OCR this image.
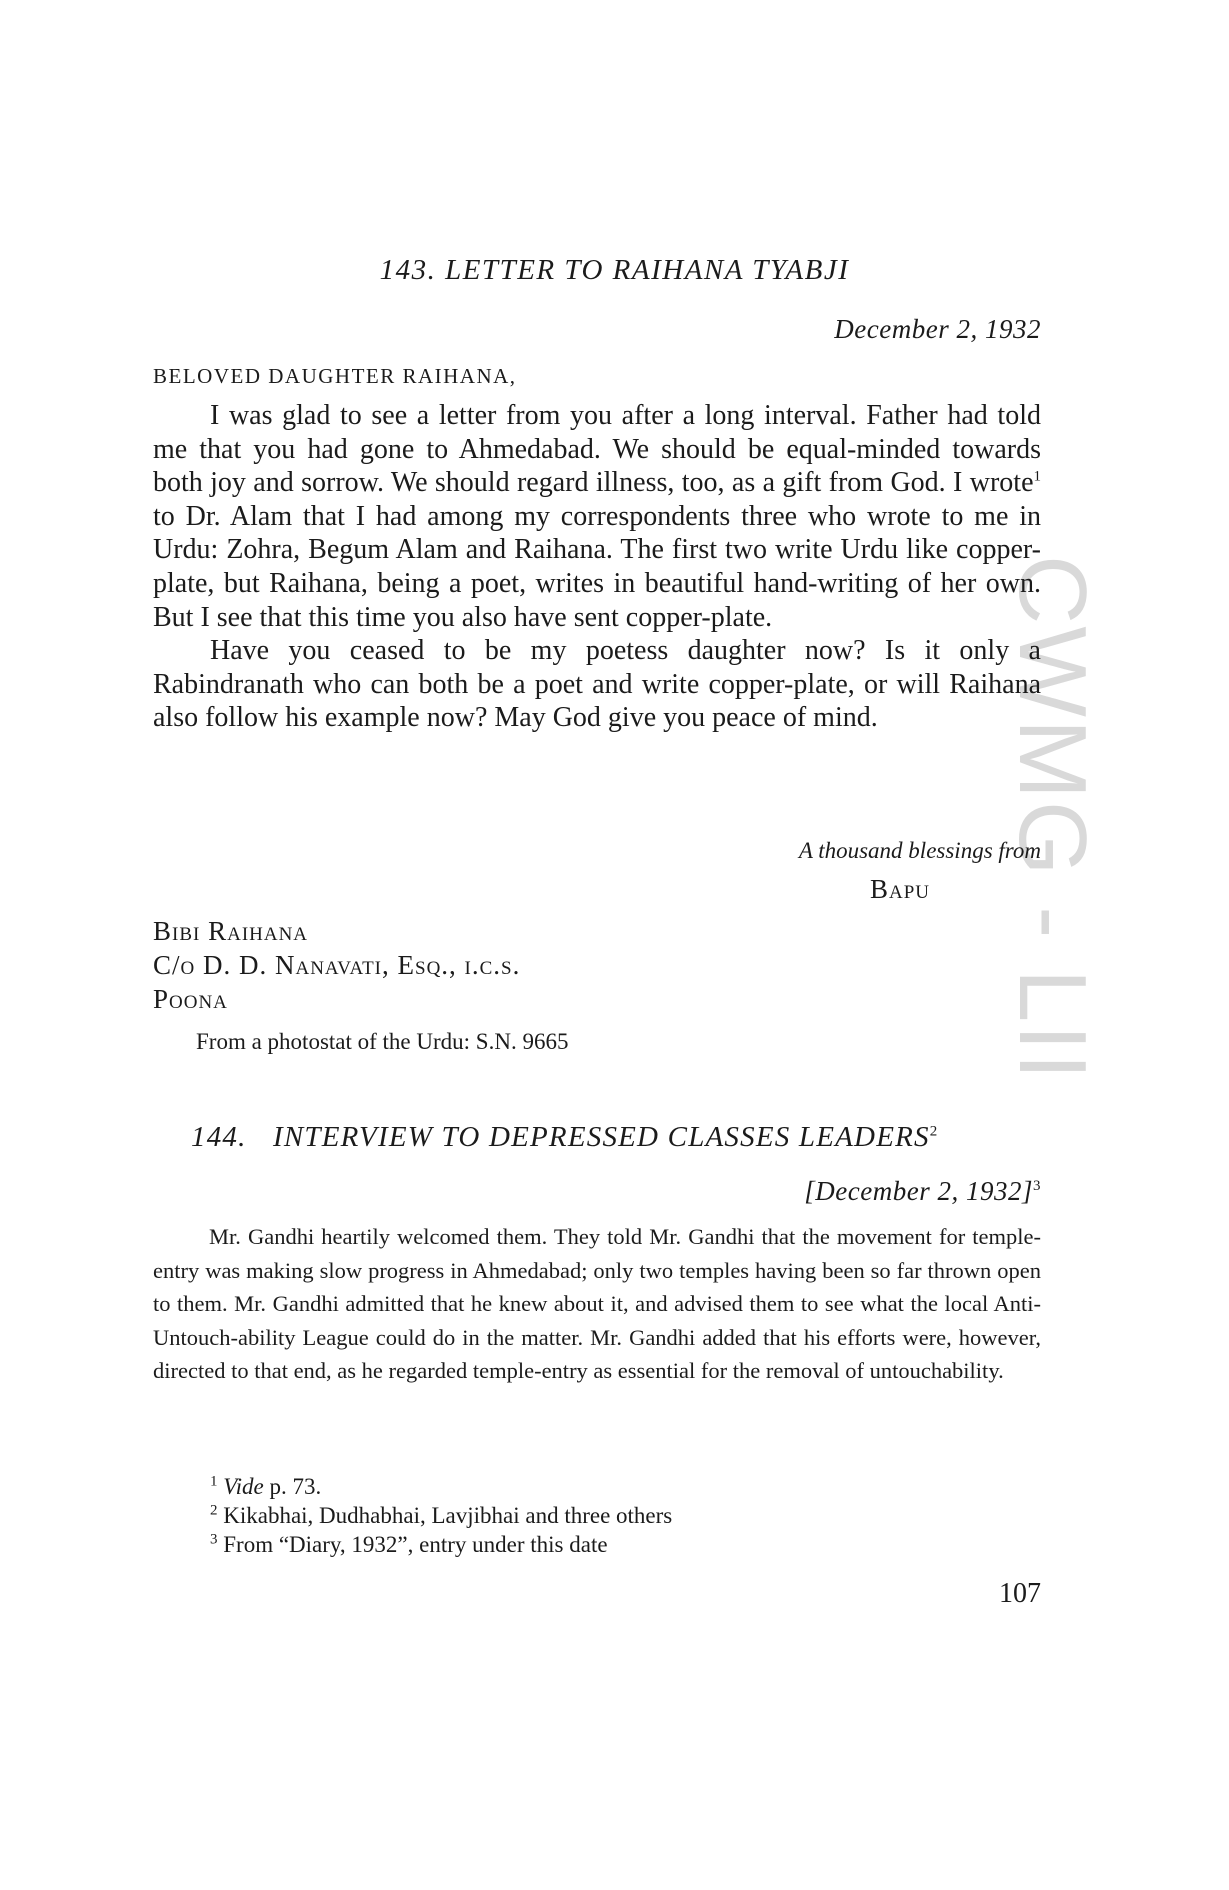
CWMG - LII
143. LETTER TO RAIHANA TYABJI
December 2, 1932
BELOVED DAUGHTER RAIHANA,
I was glad to see a letter from you after a long interval. Father had told me that you had gone to Ahmedabad. We should be equal-minded towards both joy and sorrow. We should regard illness, too, as a gift from God. I wrote$^1$ to Dr. Alam that I had among my correspondents three who wrote to me in Urdu: Zohra, Begum Alam and Raihana. The first two write Urdu like copper-plate, but Raihana, being a poet, writes in beautiful hand-writing of her own. But I see that this time you also have sent copper-plate.
Have you ceased to be my poetess daughter now? Is it only a Rabindranath who can both be a poet and write copper-plate, or will Raihana also follow his example now? May God give you peace of mind.
A thousand blessings from
Bapu
Bibi Raihana
C/o D. D. Nanavati, Esq., i.c.s.
Poona
From a photostat of the Urdu: S.N. 9665
144. INTERVIEW TO DEPRESSED CLASSES LEADERS$^2$
[December 2, 1932]$^3$
Mr. Gandhi heartily welcomed them. They told Mr. Gandhi that the movement for temple-entry was making slow progress in Ahmedabad; only two temples having been so far thrown open to them. Mr. Gandhi admitted that he knew about it, and advised them to see what the local Anti-Untouch-ability League could do in the matter. Mr. Gandhi added that his efforts were, however, directed to that end, as he regarded temple-entry as essential for the removal of untouchability.
$^1$ Vide p. 73.
$^2$ Kikabhai, Dudhabhai, Lavjibhai and three others
$^3$ From “Diary, 1932”, entry under this date
107
